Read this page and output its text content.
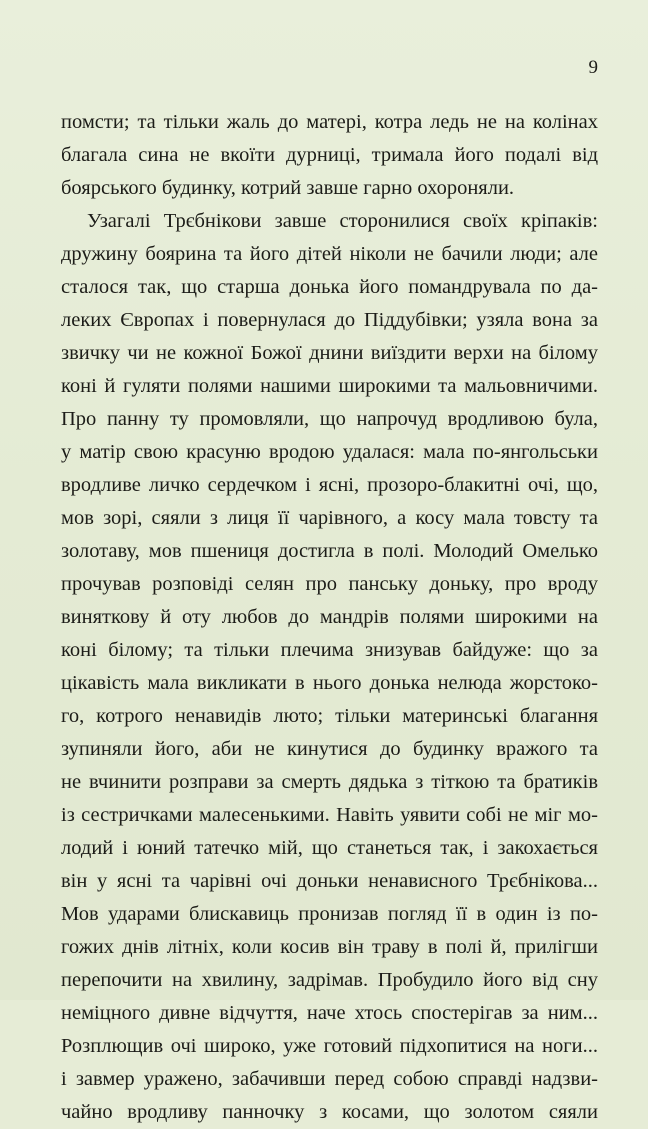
9
помсти; та тільки жаль до матері, котра ледь не на колінах
благала сина не вкоїти дурниці, тримала його подалі від
боярського будинку, котрий завше гарно охороняли.
Узагалі Трєбнікови завше сторонилися своїх кріпаків:
дружину боярина та його дітей ніколи не бачили люди; але
сталося так, що старша донька його помандрувала по да-
леких Європах і повернулася до Піддубівки; узяла вона за
звичку чи не кожної Божої днини виїздити верхи на білому
коні й гуляти полями нашими широкими та мальовничими.
Про панну ту промовляли, що напрочуд вродливою була,
у матір свою красуню вродою удалася: мала по-янгольськи
вродливе личко сердечком і ясні, прозоро-блакитні очі, що,
мов зорі, сяяли з лиця її чарівного, а косу мала товсту та
золотаву, мов пшениця достигла в полі. Молодий Омелько
прочував розповіді селян про панську доньку, про вроду
виняткову й оту любов до мандрів полями широкими на
коні білому; та тільки плечима знизував байдуже: що за
цікавість мала викликати в нього донька нелюда жорстоко-
го, котрого ненавидів люто; тільки материнські благання
зупиняли його, аби не кинутися до будинку вражого та
не вчинити розправи за смерть дядька з тіткою та братиків
із сестричками малесенькими. Навіть уявити собі не міг мо-
лодий і юний татечко мій, що станеться так, і закохається
він у ясні та чарівні очі доньки ненависного Трєбнікова...
Мов ударами блискавиць пронизав погляд її в один із по-
гожих днів літніх, коли косив він траву в полі й, прилігши
перепочити на хвилину, задрімав. Пробудило його від сну
неміцного дивне відчуття, наче хтось спостерігав за ним...
Розплющив очі широко, уже готовий підхопитися на ноги...
і завмер уражено, забачивши перед собою справді надзви-
чайно вродливу панночку з косами, що золотом сяяли
